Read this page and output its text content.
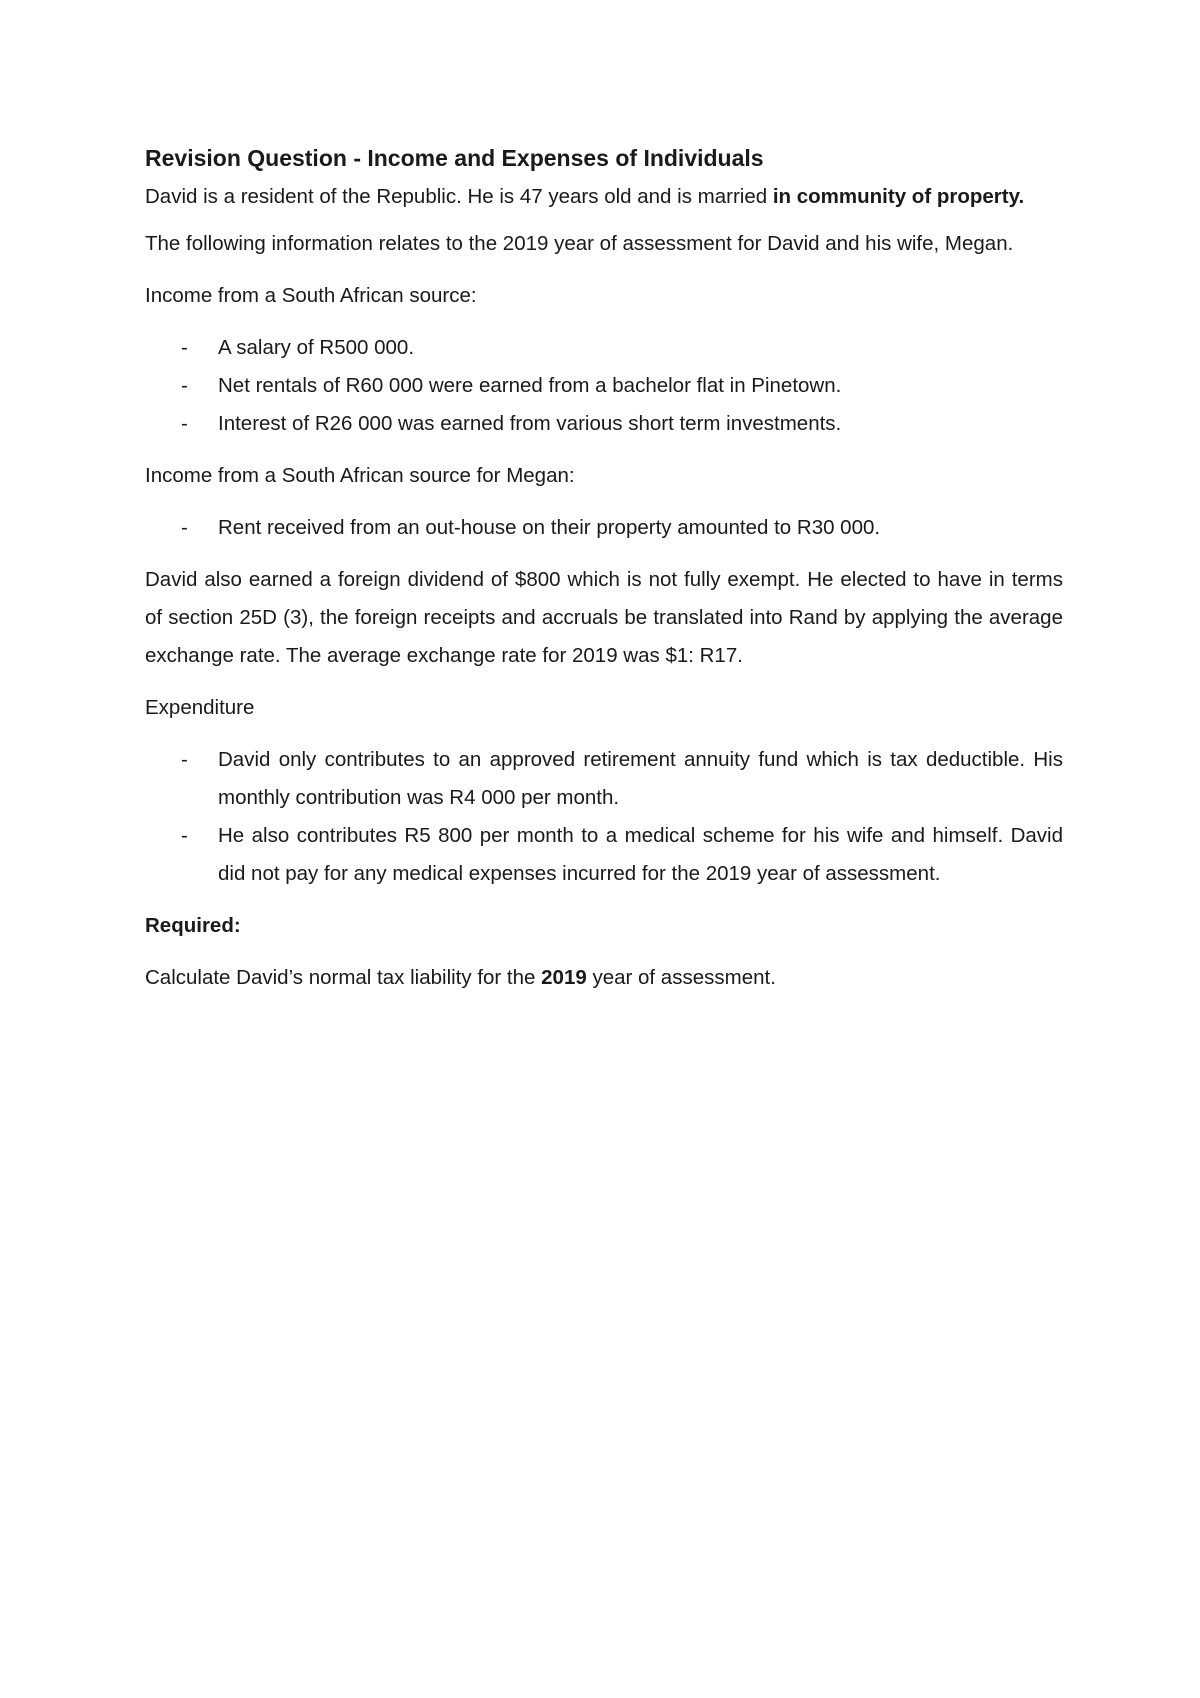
Revision Question - Income and Expenses of Individuals
David is a resident of the Republic. He is 47 years old and is married in community of property.
The following information relates to the 2019 year of assessment for David and his wife, Megan.
Income from a South African source:
- A salary of R500 000.
- Net rentals of R60 000 were earned from a bachelor flat in Pinetown.
- Interest of R26 000 was earned from various short term investments.
Income from a South African source for Megan:
- Rent received from an out-house on their property amounted to R30 000.
David also earned a foreign dividend of $800 which is not fully exempt. He elected to have in terms of section 25D (3), the foreign receipts and accruals be translated into Rand by applying the average exchange rate. The average exchange rate for 2019 was $1: R17.
Expenditure
- David only contributes to an approved retirement annuity fund which is tax deductible. His monthly contribution was R4 000 per month.
- He also contributes R5 800 per month to a medical scheme for his wife and himself. David did not pay for any medical expenses incurred for the 2019 year of assessment.
Required:
Calculate David’s normal tax liability for the 2019 year of assessment.
